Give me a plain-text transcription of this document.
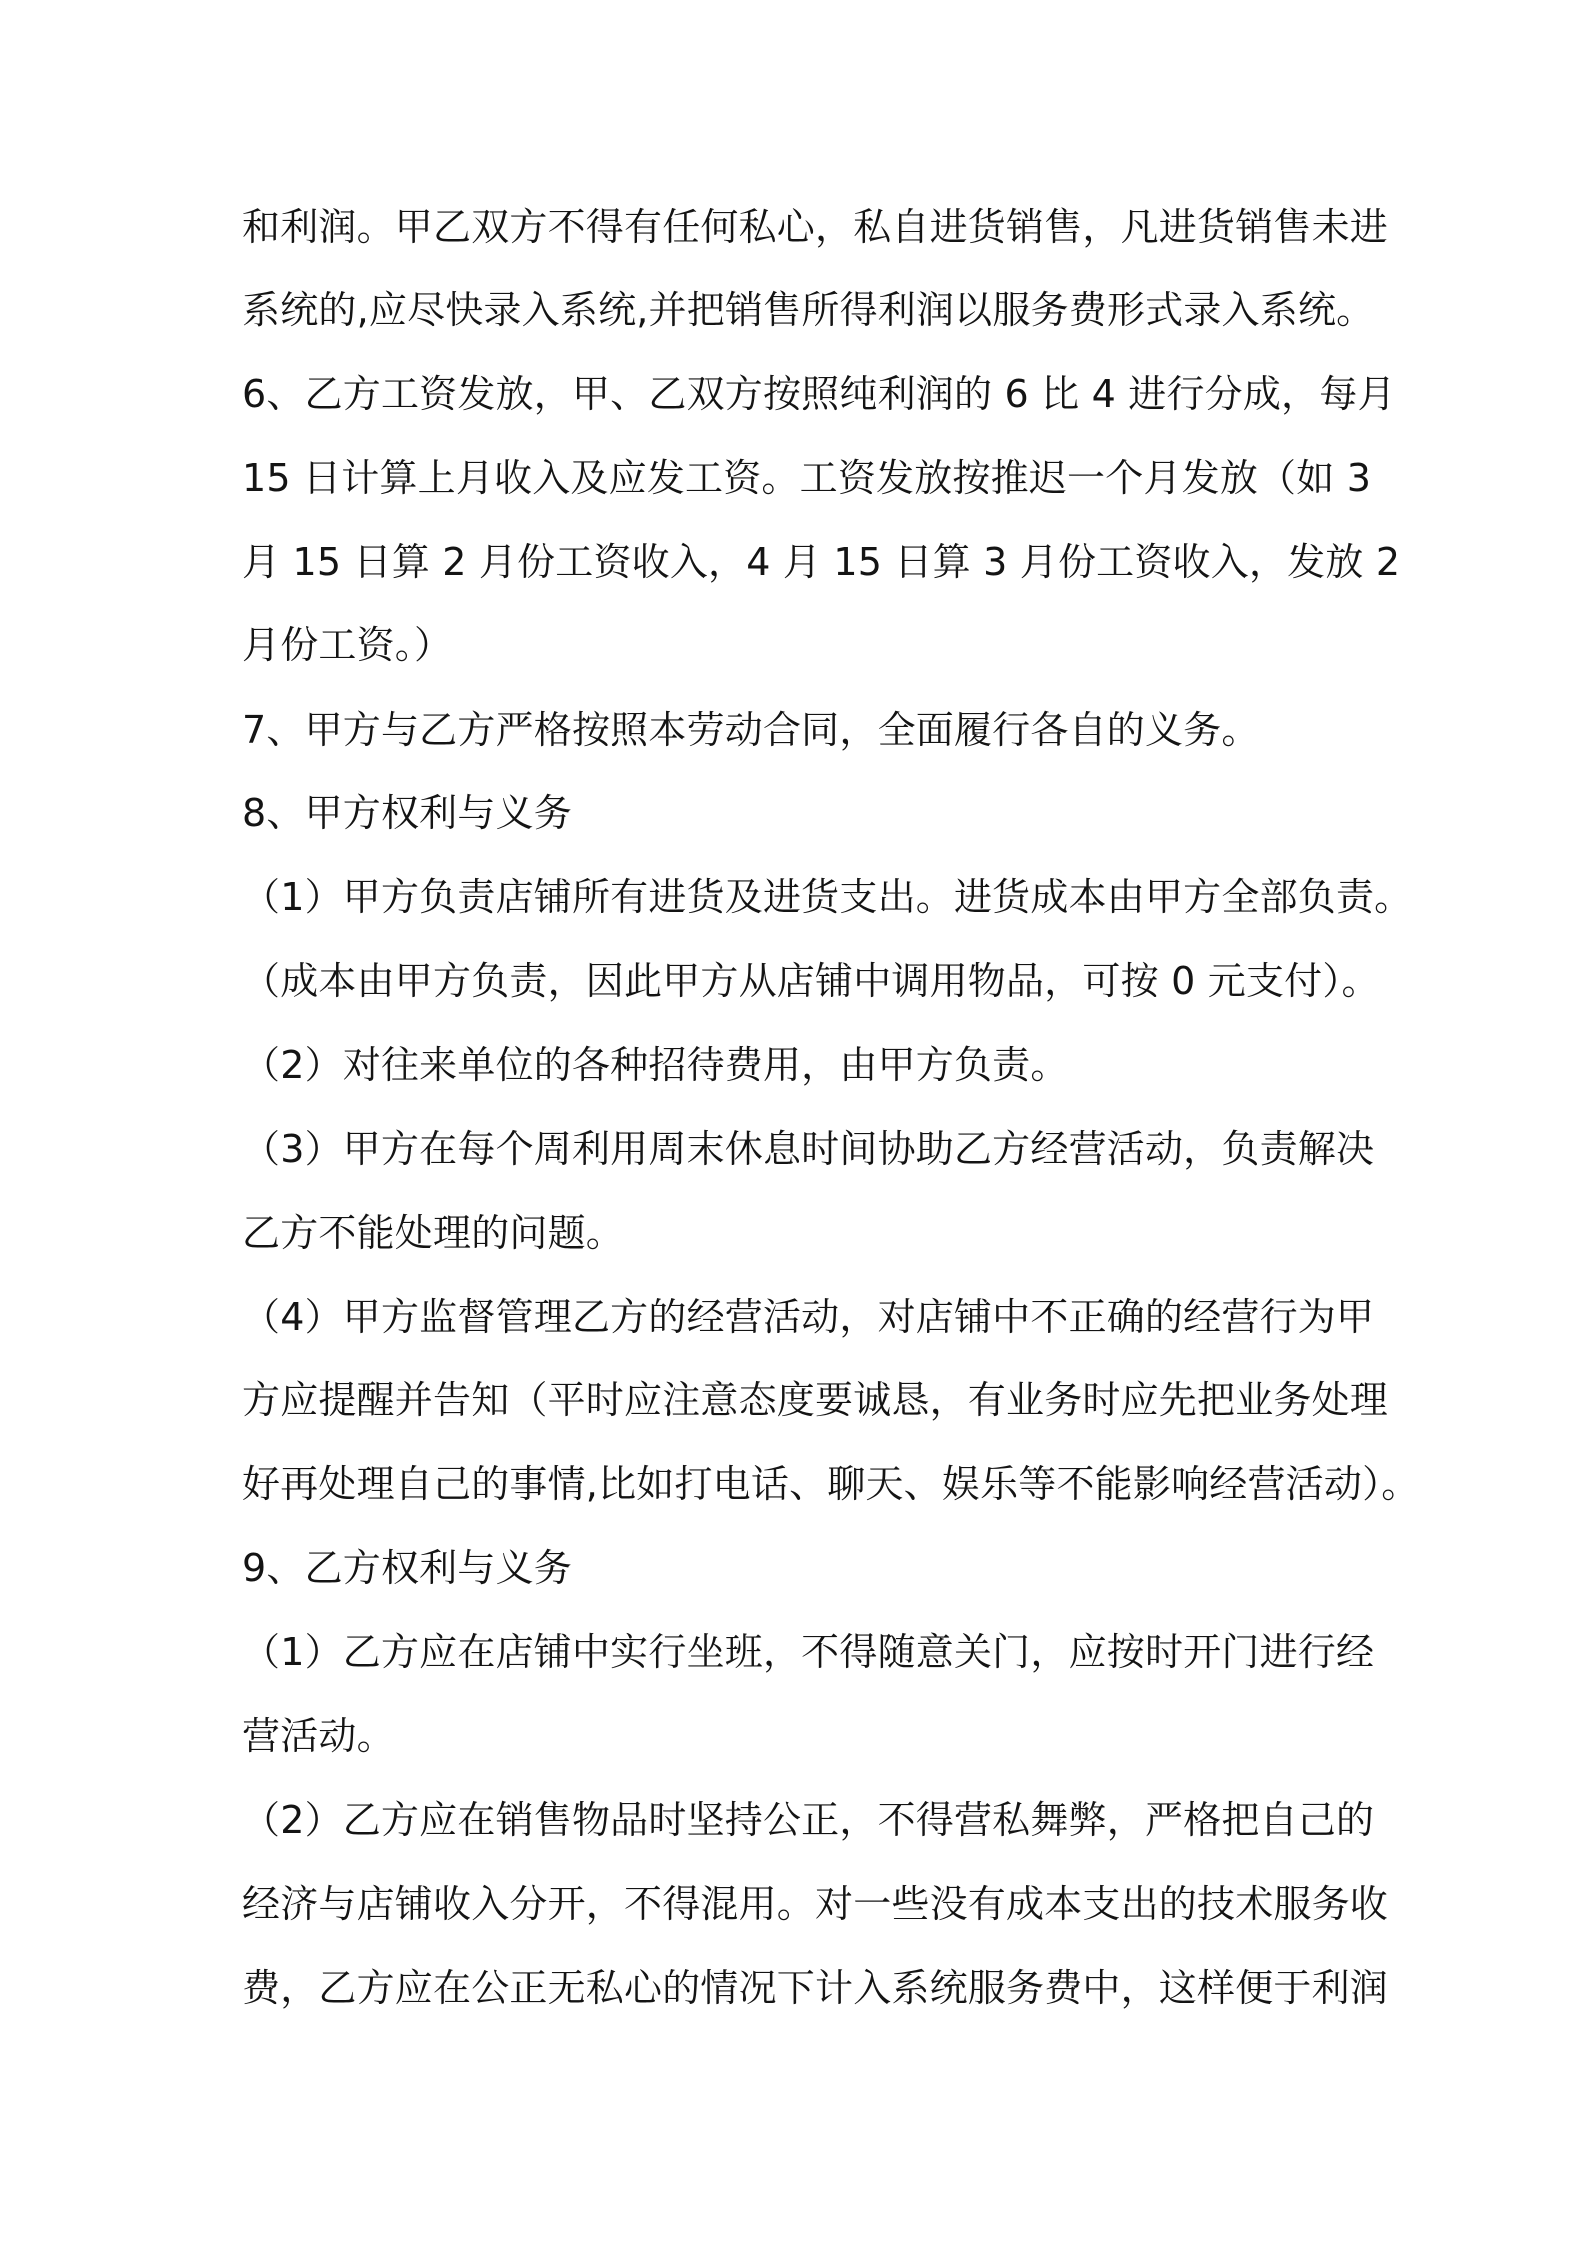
和利润。甲乙双方不得有任何私心，私自进货销售，凡进货销售未进
系统的,应尽快录入系统,并把销售所得利润以服务费形式录入系统。
6、乙方工资发放，甲、乙双方按照纯利润的 6 比 4 进行分成，每月
15 日计算上月收入及应发工资。工资发放按推迟一个月发放（如 3
月 15 日算 2 月份工资收入，4 月 15 日算 3 月份工资收入，发放 2
月份工资。）
7、甲方与乙方严格按照本劳动合同，全面履行各自的义务。
8、甲方权利与义务
（1）甲方负责店铺所有进货及进货支出。进货成本由甲方全部负责。
（成本由甲方负责，因此甲方从店铺中调用物品，可按 0 元支付）。
（2）对往来单位的各种招待费用，由甲方负责。
（3）甲方在每个周利用周末休息时间协助乙方经营活动，负责解决
乙方不能处理的问题。
（4）甲方监督管理乙方的经营活动，对店铺中不正确的经营行为甲
方应提醒并告知（平时应注意态度要诚恳，有业务时应先把业务处理
好再处理自己的事情,比如打电话、聊天、娱乐等不能影响经营活动）。
9、乙方权利与义务
（1）乙方应在店铺中实行坐班，不得随意关门，应按时开门进行经
营活动。
（2）乙方应在销售物品时坚持公正，不得营私舞弊，严格把自己的
经济与店铺收入分开，不得混用。对一些没有成本支出的技术服务收
费，乙方应在公正无私心的情况下计入系统服务费中，这样便于利润
